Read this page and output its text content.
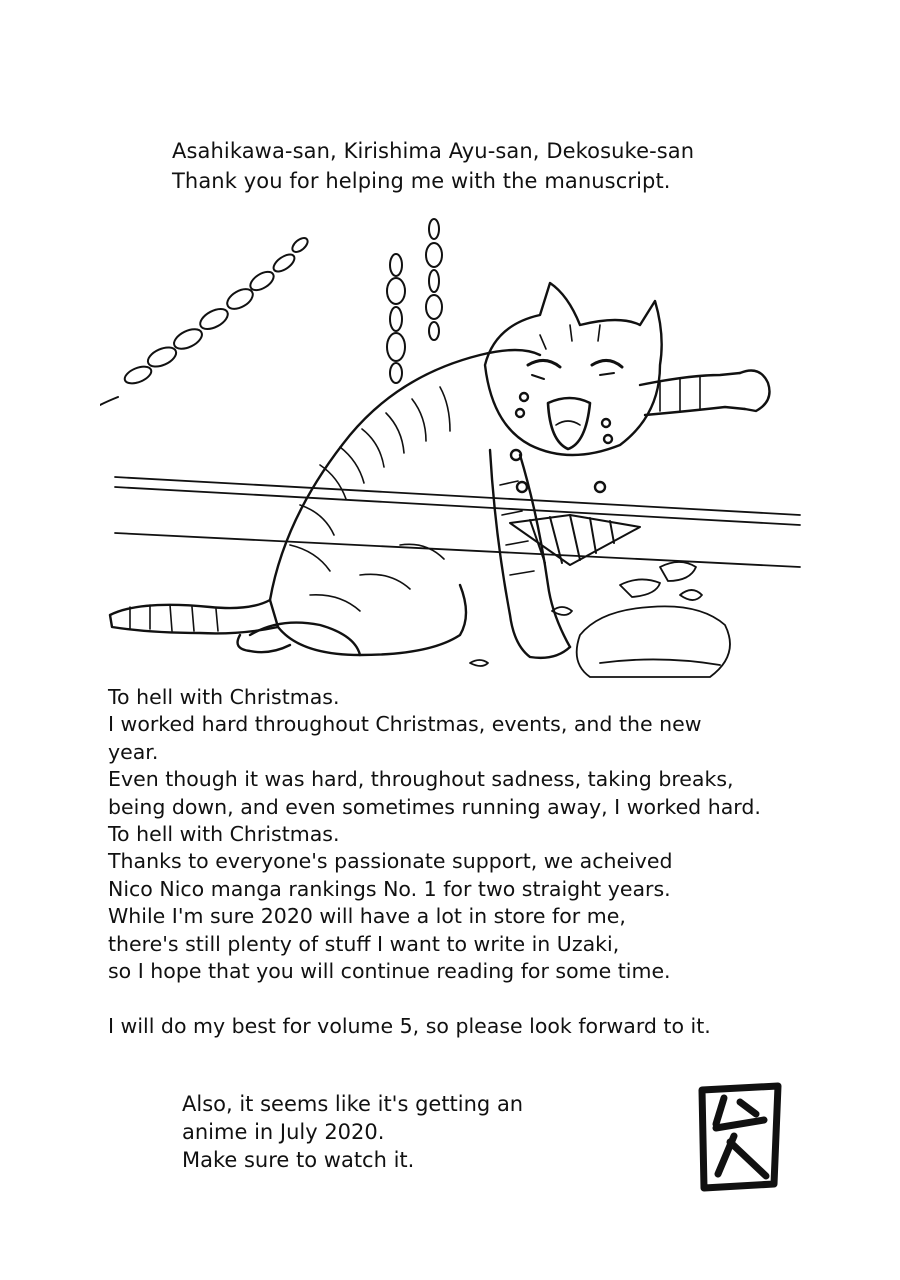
Asahikawa-san, Kirishima Ayu-san, Dekosuke-san
Thank you for helping me with the manuscript.
To hell with Christmas.
I worked hard throughout Christmas, events, and the new year.
Even though it was hard, throughout sadness, taking breaks,
being down, and even sometimes running away, I worked hard.
To hell with Christmas.
Thanks to everyone's passionate support, we acheived
Nico Nico manga rankings No. 1 for two straight years.
While I'm sure 2020 will have a lot in store for me,
there's still plenty of stuff I want to write in Uzaki,
so I hope that you will continue reading for some time.
I will do my best for volume 5, so please look forward to it.
Also, it seems like it's getting an
anime in July 2020.
Make sure to watch it.
